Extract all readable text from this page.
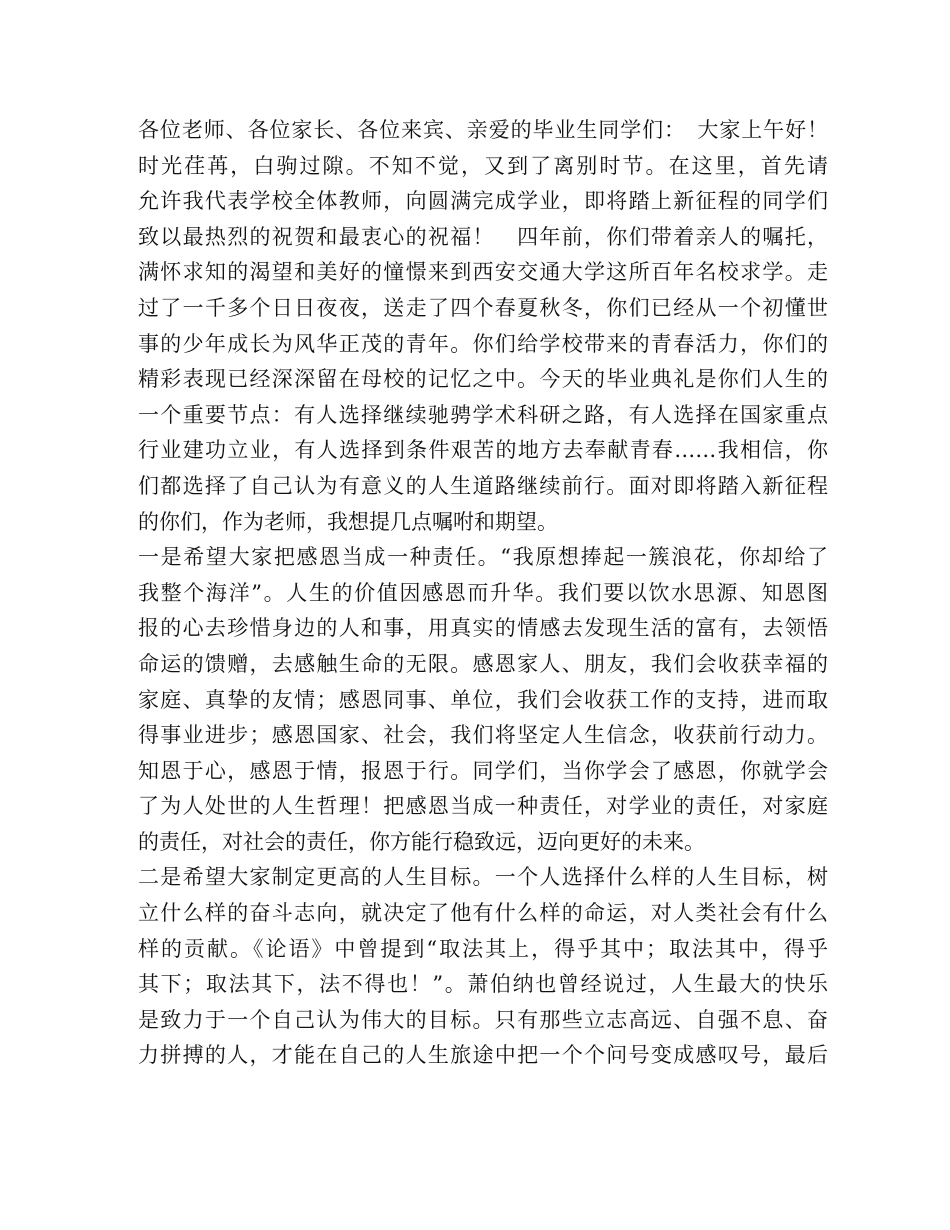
各位老师、各位家长、各位来宾、亲爱的毕业生同学们：　大家上午好！
时光荏苒，白驹过隙。不知不觉，又到了离别时节。在这里，首先请
允许我代表学校全体教师，向圆满完成学业，即将踏上新征程的同学们
致以最热烈的祝贺和最衷心的祝福！　四年前，你们带着亲人的嘱托，
满怀求知的渴望和美好的憧憬来到西安交通大学这所百年名校求学。走
过了一千多个日日夜夜，送走了四个春夏秋冬，你们已经从一个初懂世
事的少年成长为风华正茂的青年。你们给学校带来的青春活力，你们的
精彩表现已经深深留在母校的记忆之中。今天的毕业典礼是你们人生的
一个重要节点：有人选择继续驰骋学术科研之路，有人选择在国家重点
行业建功立业，有人选择到条件艰苦的地方去奉献青春……我相信，你
们都选择了自己认为有意义的人生道路继续前行。面对即将踏入新征程
的你们，作为老师，我想提几点嘱咐和期望。
一是希望大家把感恩当成一种责任。“我原想捧起一簇浪花，你却给了
我整个海洋”。人生的价值因感恩而升华。我们要以饮水思源、知恩图
报的心去珍惜身边的人和事，用真实的情感去发现生活的富有，去领悟
命运的馈赠，去感触生命的无限。感恩家人、朋友，我们会收获幸福的
家庭、真挚的友情；感恩同事、单位，我们会收获工作的支持，进而取
得事业进步；感恩国家、社会，我们将坚定人生信念，收获前行动力。
知恩于心，感恩于情，报恩于行。同学们，当你学会了感恩，你就学会
了为人处世的人生哲理！把感恩当成一种责任，对学业的责任，对家庭
的责任，对社会的责任，你方能行稳致远，迈向更好的未来。
二是希望大家制定更高的人生目标。一个人选择什么样的人生目标，树
立什么样的奋斗志向，就决定了他有什么样的命运，对人类社会有什么
样的贡献。《论语》中曾提到“取法其上，得乎其中；取法其中，得乎
其下；取法其下，法不得也！”。萧伯纳也曾经说过，人生最大的快乐
是致力于一个自己认为伟大的目标。只有那些立志高远、自强不息、奋
力拼搏的人，才能在自己的人生旅途中把一个个问号变成感叹号，最后
